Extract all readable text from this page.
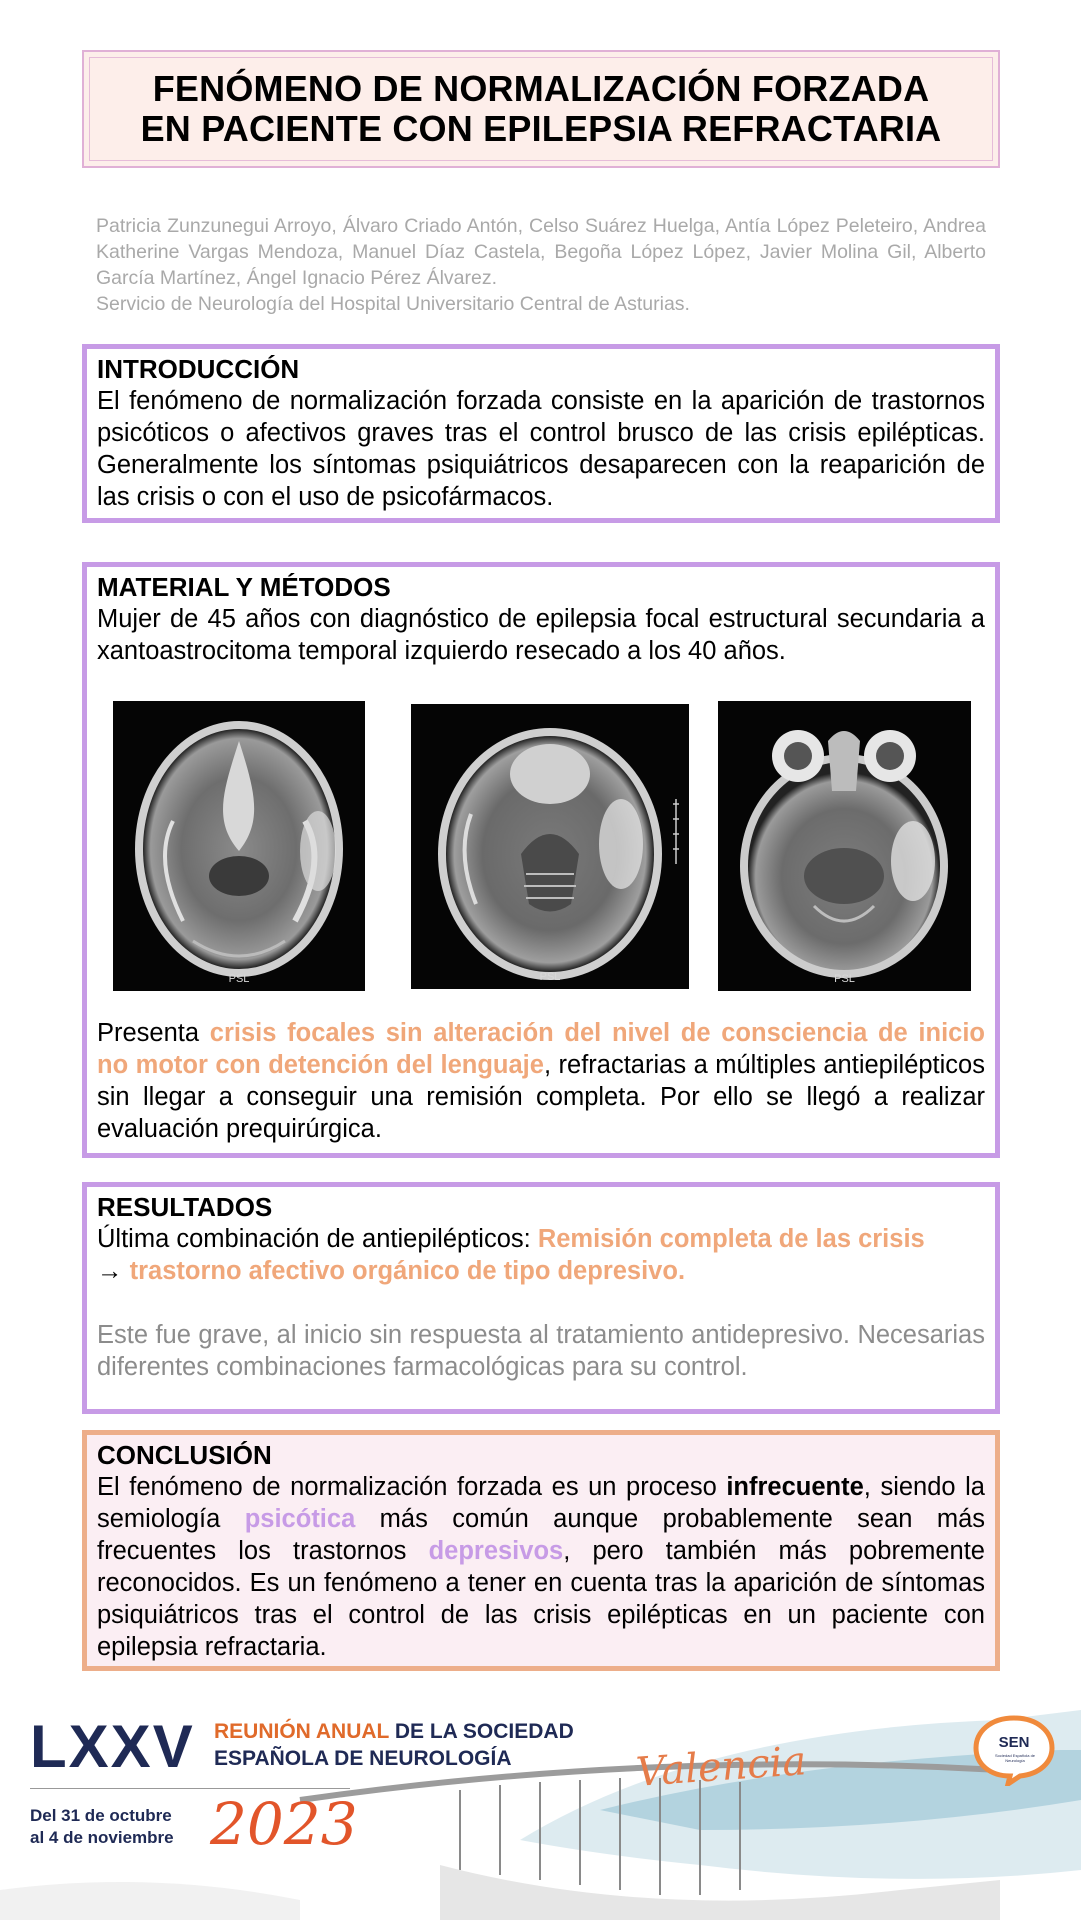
FENÓMENO DE NORMALIZACIÓN FORZADA
EN PACIENTE CON EPILEPSIA REFRACTARIA

Patricia Zunzunegui Arroyo, Álvaro Criado Antón, Celso Suárez Huelga, Antía López Peleteiro, Andrea Katherine Vargas Mendoza, Manuel Díaz Castela, Begoña López López, Javier Molina Gil, Alberto García Martínez, Ángel Ignacio Pérez Álvarez.

Servicio de Neurología del Hospital Universitario Central de Asturias.

INTRODUCCIÓN

El fenómeno de normalización forzada consiste en la aparición de trastornos psicóticos o afectivos graves tras el control brusco de las crisis epilépticas. Generalmente los síntomas psiquiátricos desaparecen con la reaparición de las crisis o con el uso de psicofármacos.

MATERIAL Y MÉTODOS

Mujer de 45 años con diagnóstico de epilepsia focal estructural secundaria a xantoastrocitoma temporal izquierdo resecado a los 40 años.

PSL	PSL	PSL

Presenta crisis focales sin alteración del nivel de consciencia de inicio no motor con detención del lenguaje, refractarias a múltiples antiepilépticos sin llegar a conseguir una remisión completa. Por ello se llegó a realizar evaluación prequirúrgica.

RESULTADOS

Última combinación de antiepilépticos: Remisión completa de las crisis
→ trastorno afectivo orgánico de tipo depresivo.

Este fue grave, al inicio sin respuesta al tratamiento antidepresivo. Necesarias diferentes combinaciones farmacológicas para su control.

CONCLUSIÓN

El fenómeno de normalización forzada es un proceso infrecuente, siendo la semiología psicótica más común aunque probablemente sean más frecuentes los trastornos depresivos, pero también más pobremente reconocidos. Es un fenómeno a tener en cuenta tras la aparición de síntomas psiquiátricos tras el control de las crisis epilépticas en un paciente con epilepsia refractaria.

LXXV REUNIÓN ANUAL DE LA SOCIEDAD
ESPAÑOLA DE NEUROLOGÍA
Del 31 de octubre
al 4 de noviembre 2023
Valencia	SEN
Sociedad Española de Neurología
